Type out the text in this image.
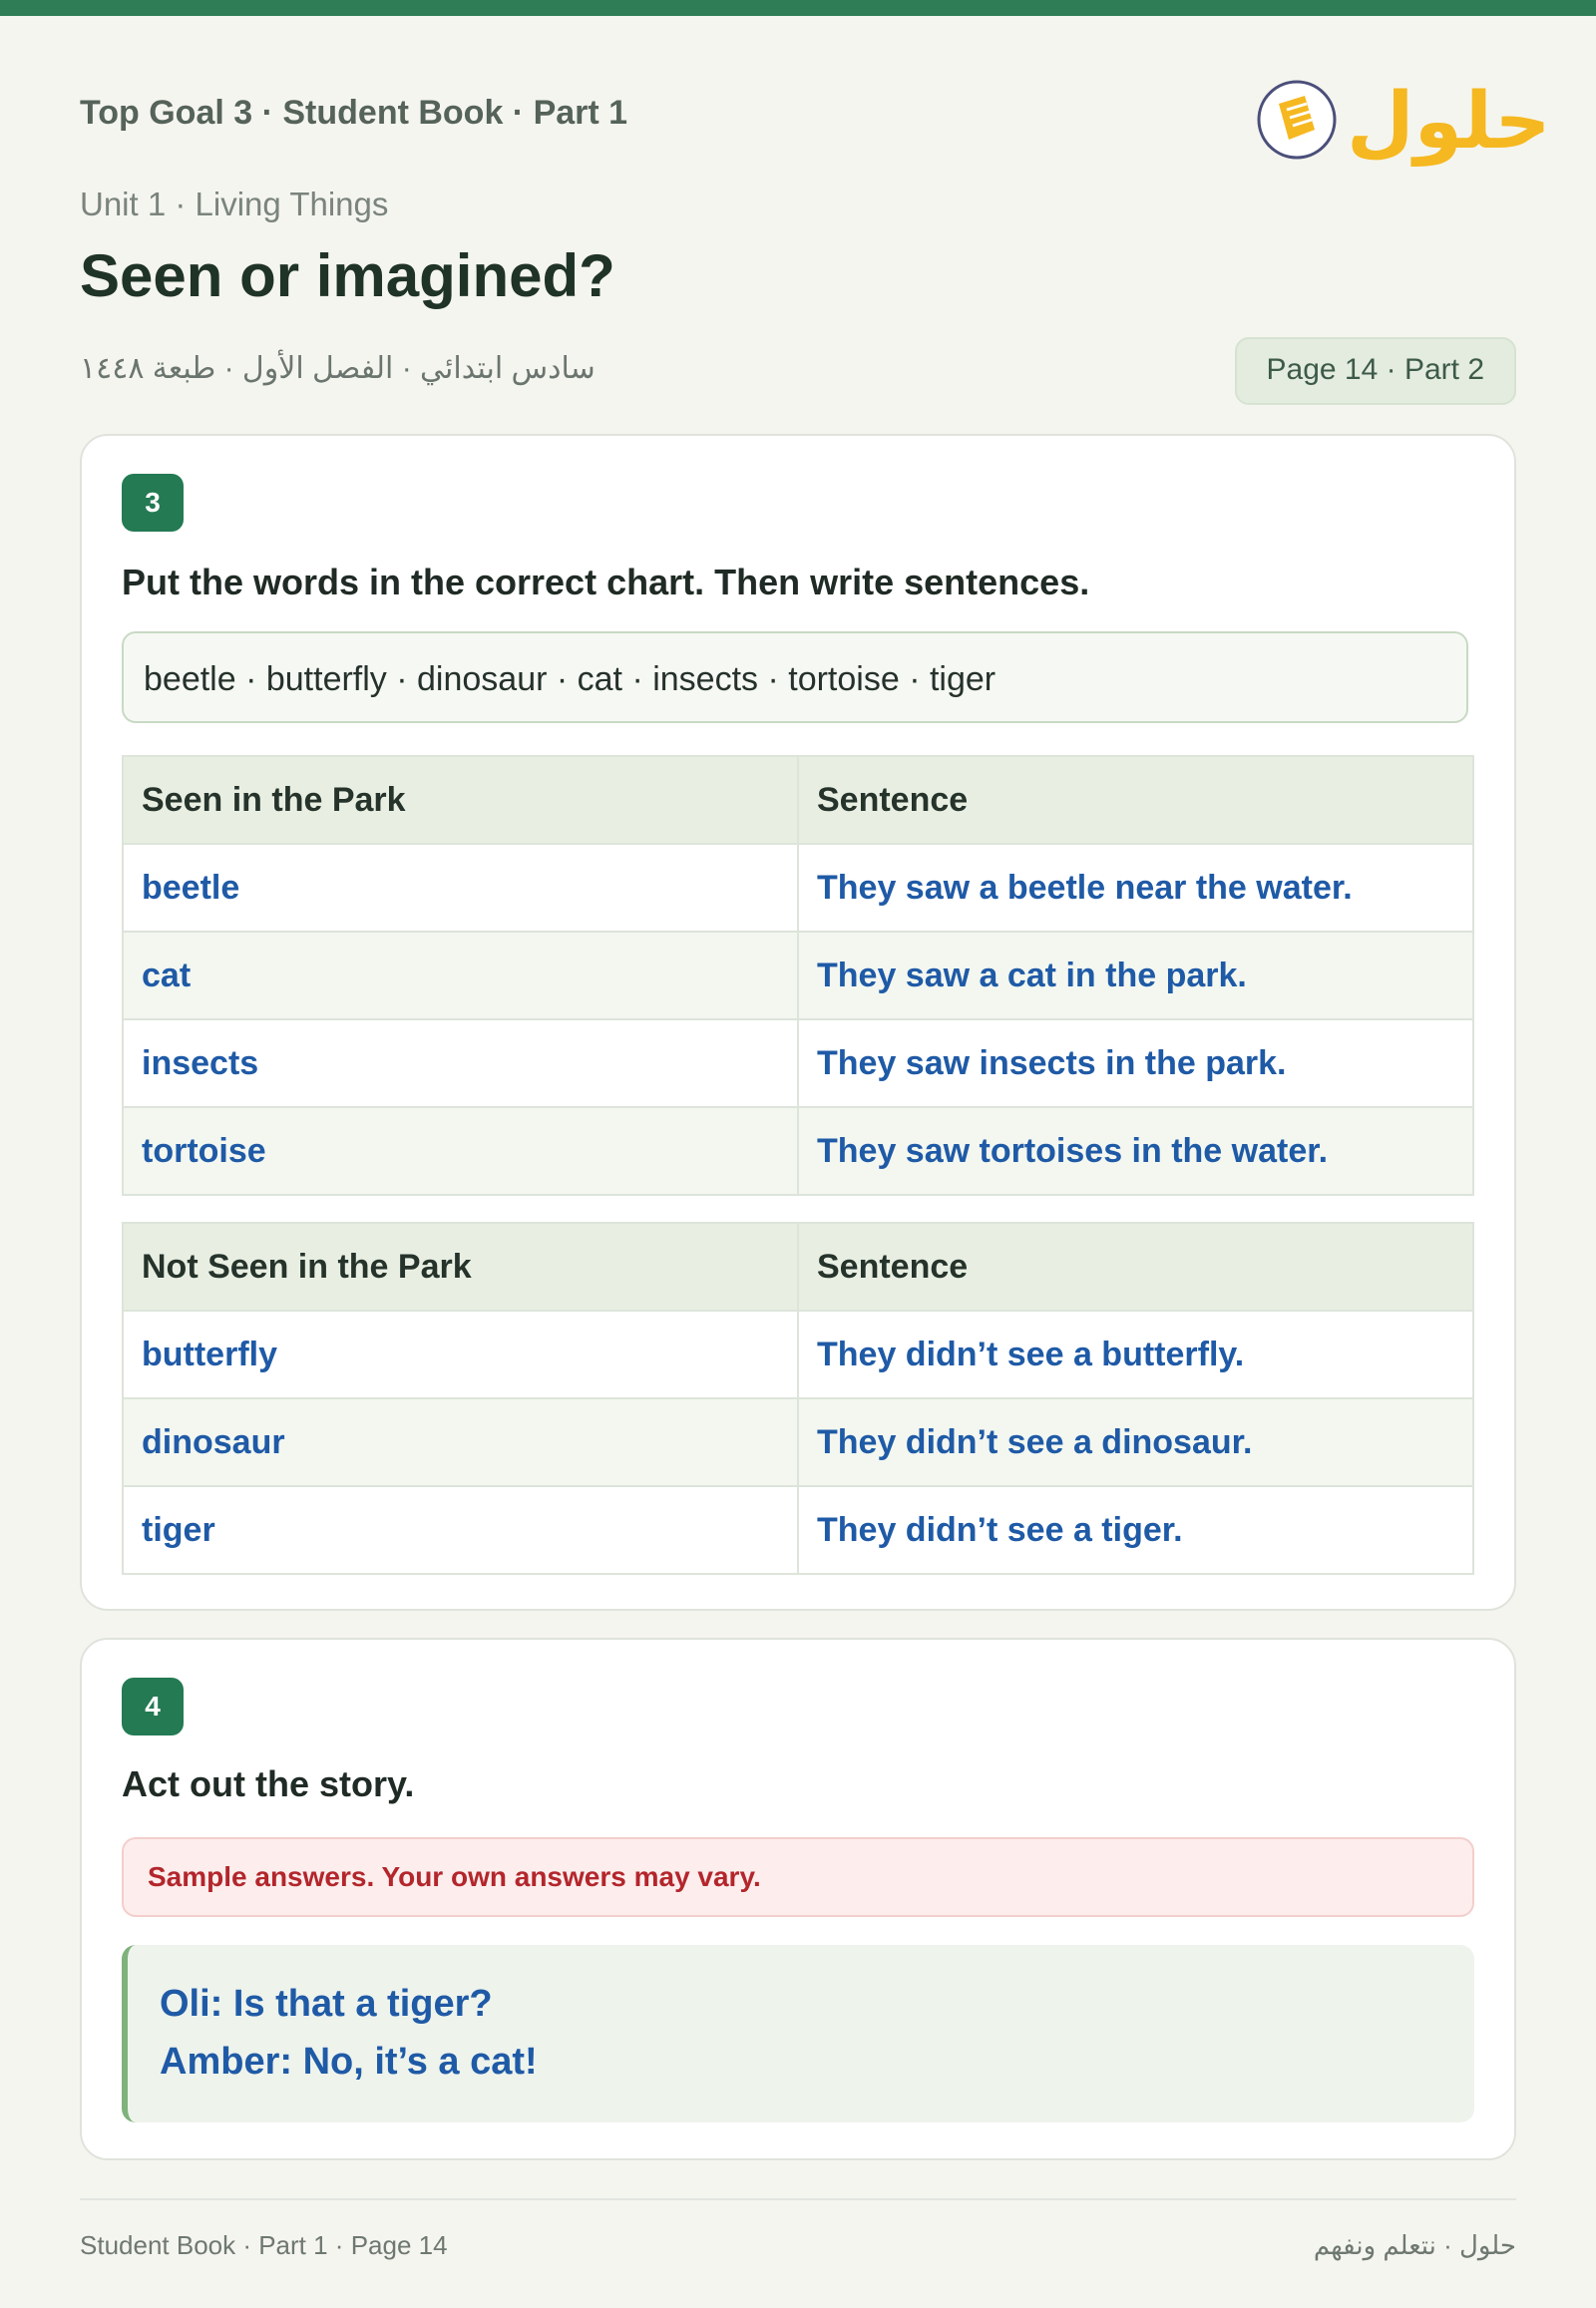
Top Goal 3 · Student Book · Part 1	حلول
Unit 1 · Living Things
Seen or imagined?
سادس ابتدائي · الفصل الأول · طبعة ١٤٤٨	Page 14 · Part 2
3
Put the words in the correct chart. Then write sentences.
beetle · butterfly · dinosaur · cat · insects · tortoise · tiger
Seen in the Park	Sentence
beetle	They saw a beetle near the water.
cat	They saw a cat in the park.
insects	They saw insects in the park.
tortoise	They saw tortoises in the water.
Not Seen in the Park	Sentence
butterfly	They didn’t see a butterfly.
dinosaur	They didn’t see a dinosaur.
tiger	They didn’t see a tiger.
4
Act out the story.
Sample answers. Your own answers may vary.
Oli: Is that a tiger?
Amber: No, it’s a cat!
Student Book · Part 1 · Page 14	حلول · نتعلم ونفهم
